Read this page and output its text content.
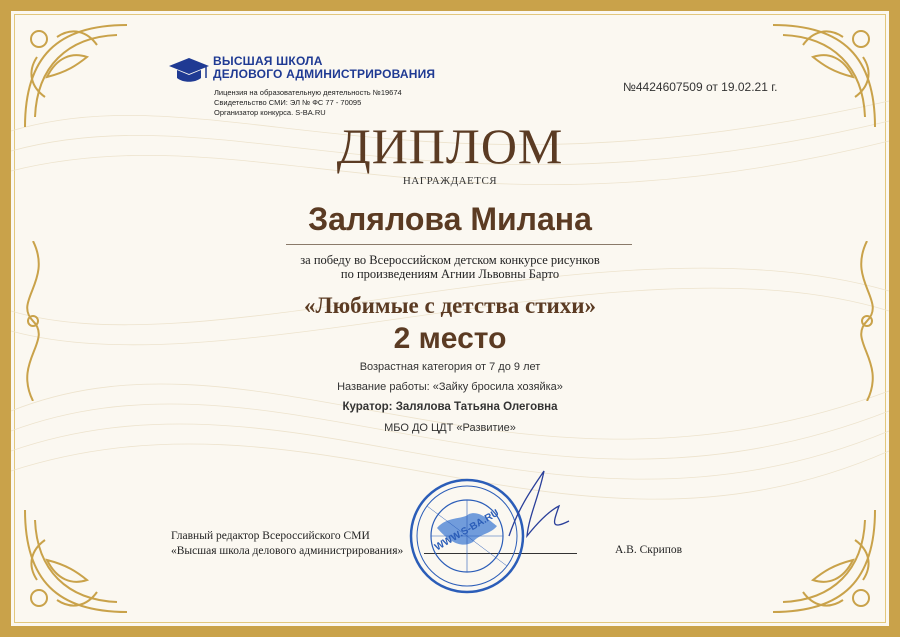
ВЫСШАЯ ШКОЛА
ДЕЛОВОГО АДМИНИСТРИРОВАНИЯ
Лицензия на образовательную деятельность №19674
Свидетельство СМИ: ЭЛ № ФС 77 - 70095
Организатор конкурса. S-BA.RU
№4424607509 от 19.02.21 г.
ДИПЛОМ
НАГРАЖДАЕТСЯ
Залялова Милана
за победу во Всероссийском детском конкурсе рисунков
по произведениям Агнии Львовны Барто
«Любимые с детства стихи»
2 место
Возрастная категория от 7 до 9 лет
Название работы: «Зайку бросила хозяйка»
Куратор: Залялова Татьяна Олеговна
МБО ДО ЦДТ «Развитие»
Главный редактор Всероссийского СМИ
«Высшая школа делового администрирования»	А.В. Скрипов
WWW.S-BA.RU
